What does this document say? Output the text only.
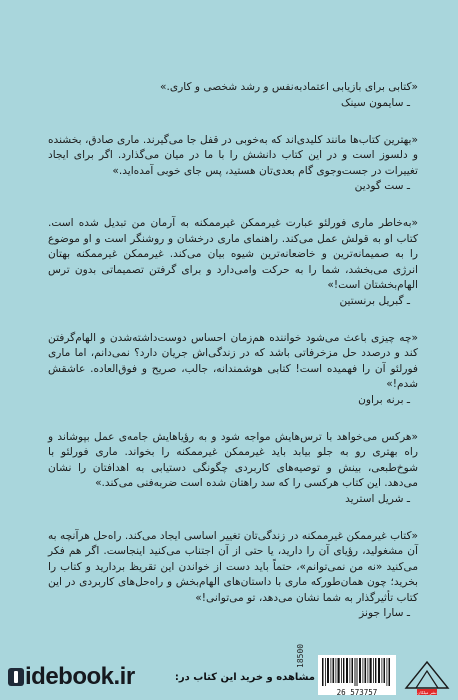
«کتابی برای بازیابی اعتمادبه‌نفس و رشد شخصی و کاری.»

ـ سایمون سینک

«بهترین کتاب‌ها مانند کلیدی‌اند که به‌خوبی در قفل جا می‌گیرند. ماری صادق، بخشنده و دلسوز است و در این کتاب دانشش را با ما در میان می‌گذارد. اگر برای ایجاد تغییرات در جست‌وجوی گام بعدی‌تان هستید، پس جای خوبی آمده‌اید.»

ـ ست گودین

«به‌خاطر ماری فورلئو عبارت غیرممکن غیرممکنه به آرمان من تبدیل شده است. کتاب او به قولش عمل می‌کند. راهنمای ماری درخشان و روشنگر است و او موضوع را به صمیمانه‌ترین و خاضعانه‌ترین شیوه بیان می‌کند. غیرممکن غیرممکنه بهتان انرژی می‌بخشد، شما را به حرکت وامی‌دارد و برای گرفتن تصمیماتی بدون ترس الهام‌بخشتان است!»

ـ گبریل برنستین

«چه چیزی باعث می‌شود خواننده هم‌زمان احساس دوست‌داشته‌شدن و الهام‌گرفتن کند و درصدد حل مزخرفاتی باشد که در زندگی‌اش جریان دارد؟ نمی‌دانم، اما ماری فورلئو آن را فهمیده است! کتابی هوشمندانه، جالب، صریح و فوق‌العاده. عاشقش شدم!»

ـ برنه براون

«هرکس می‌خواهد با ترس‌هایش مواجه شود و به رؤیاهایش جامه‌ی عمل بپوشاند و راه بهتری رو به جلو بیابد باید غیرممکن غیرممکنه را بخواند. ماری فورلئو با شوخ‌طبعی، بینش و توصیه‌های کاربردی چگونگی دستیابی به اهدافتان را نشان می‌دهد. این کتاب هرکسی را که سد راهتان شده است ضربه‌فنی می‌کند.»

ـ شریل استرید

«کتاب غیرممکن غیرممکنه در زندگی‌تان تغییر اساسی ایجاد می‌کند. راه‌حل هرآنچه به آن مشغولید، رؤیای آن را دارید، یا حتی از آن اجتناب می‌کنید اینجاست. اگر هم فکر می‌کنید «نه من نمی‌توانم»، حتماً باید دست از خواندن این تقریظ بردارید و کتاب را بخرید؛ چون همان‌طورکه ماری با داستان‌های الهام‌بخش و راه‌حل‌های کاربردی در این کتاب تأثیرگذار به شما نشان می‌دهد، تو می‌توانی!»

ـ سارا جونز

18500
idebook.ir	مشاهده و خرید این کتاب در:
26 573757	نشر میلکان
